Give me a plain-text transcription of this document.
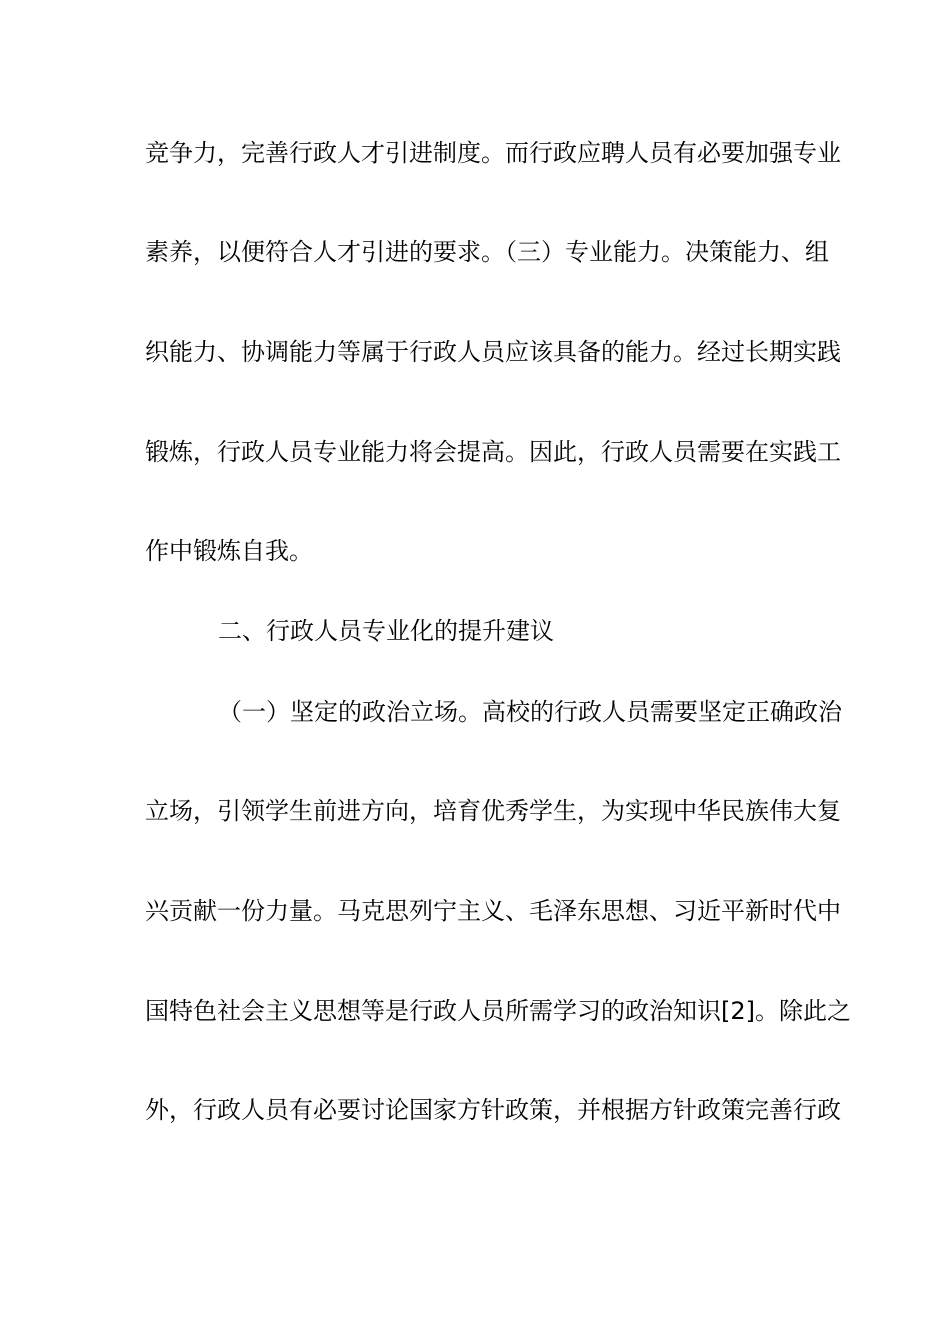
竞争力，完善行政人才引进制度。而行政应聘人员有必要加强专业
素养，以便符合人才引进的要求。（三）专业能力。决策能力、组
织能力、协调能力等属于行政人员应该具备的能力。经过长期实践
锻炼，行政人员专业能力将会提高。因此，行政人员需要在实践工
作中锻炼自我。
二、行政人员专业化的提升建议
（一）坚定的政治立场。高校的行政人员需要坚定正确政治
立场，引领学生前进方向，培育优秀学生，为实现中华民族伟大复
兴贡献一份力量。马克思列宁主义、毛泽东思想、习近平新时代中
国特色社会主义思想等是行政人员所需学习的政治知识[2]。除此之
外，行政人员有必要讨论国家方针政策，并根据方针政策完善行政
